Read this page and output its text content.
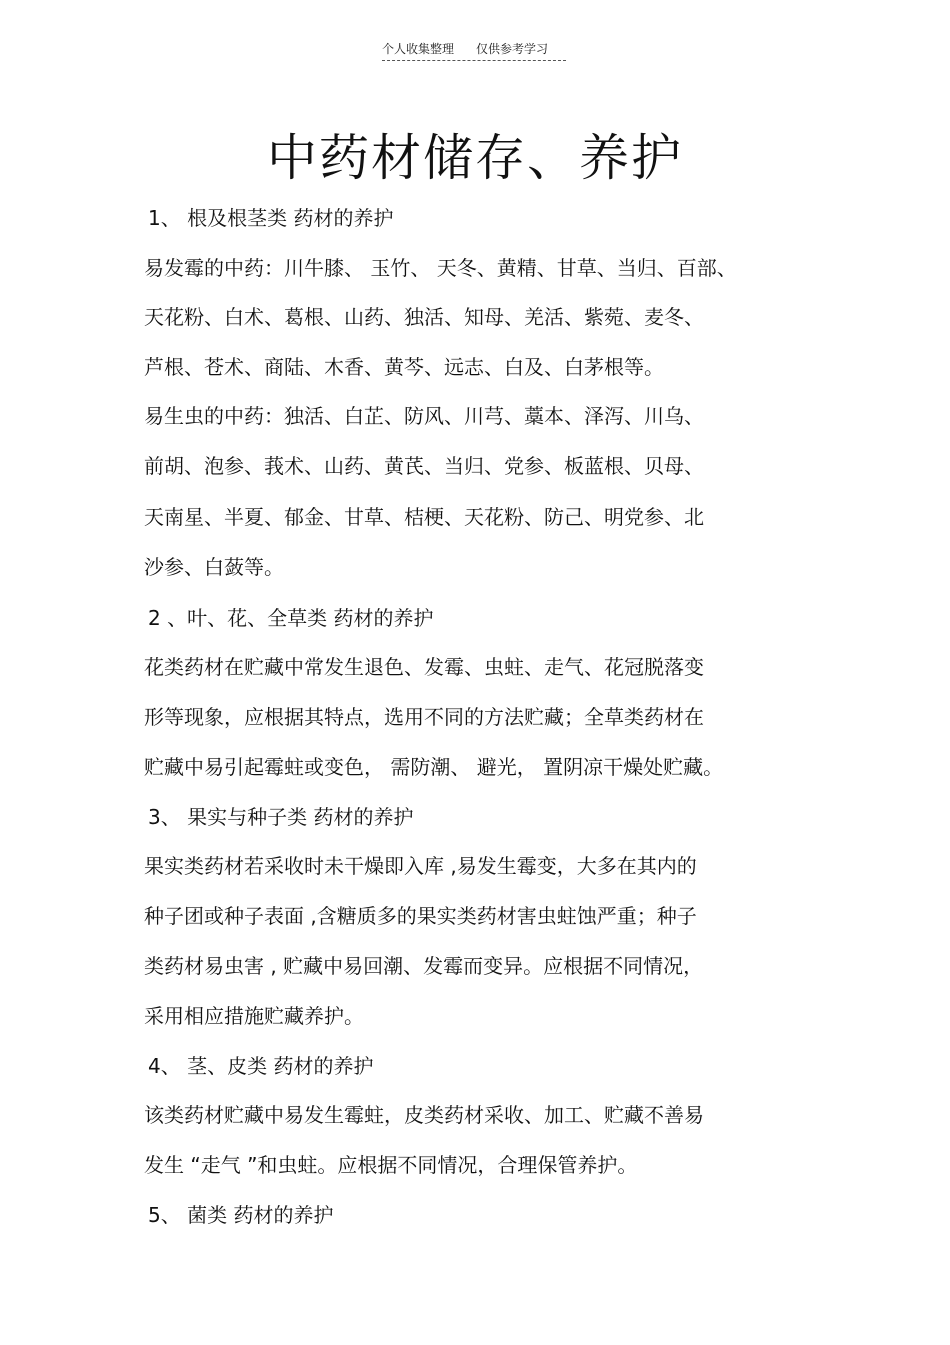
个人收集整理 仅供参考学习
中药材储存、养护
1、 根及根茎类 药材的养护
易发霉的中药：川牛膝、 玉竹、 天冬、黄精、甘草、当归、百部、
天花粉、白术、葛根、山药、独活、知母、羌活、紫菀、麦冬、
芦根、苍术、商陆、木香、黄芩、远志、白及、白茅根等。
易生虫的中药：独活、白芷、防风、川芎、藁本、泽泻、川乌、
前胡、泡参、莪术、山药、黄芪、当归、党参、板蓝根、贝母、
天南星、半夏、郁金、甘草、桔梗、天花粉、防己、明党参、北
沙参、白蔹等。
2 、叶、花、全草类 药材的养护
花类药材在贮藏中常发生退色、发霉、虫蛀、走气、花冠脱落变
形等现象，应根据其特点，选用不同的方法贮藏；全草类药材在
贮藏中易引起霉蛀或变色， 需防潮、 避光， 置阴凉干燥处贮藏。
3、 果实与种子类 药材的养护
果实类药材若采收时未干燥即入库 ,易发生霉变，大多在其内的
种子团或种子表面 ,含糖质多的果实类药材害虫蛀蚀严重；种子
类药材易虫害 , 贮藏中易回潮、发霉而变异。应根据不同情况，
采用相应措施贮藏养护。
4、 茎、皮类 药材的养护
该类药材贮藏中易发生霉蛀，皮类药材采收、加工、贮藏不善易
发生 “走气 ”和虫蛀。应根据不同情况，合理保管养护。
5、 菌类 药材的养护
